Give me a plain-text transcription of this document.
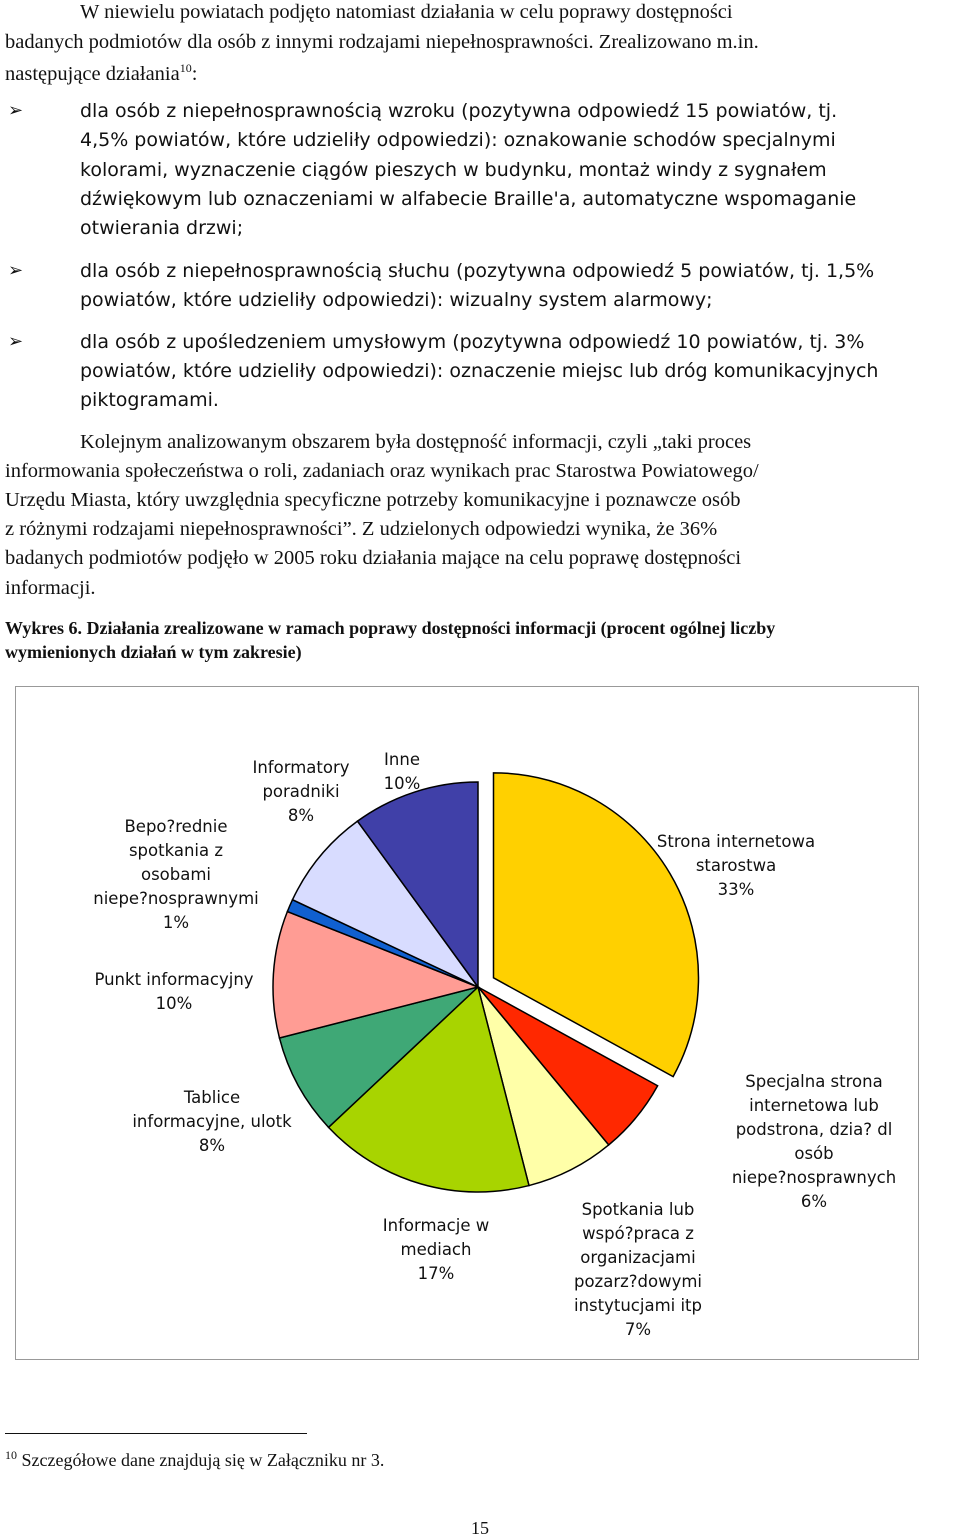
W niewielu powiatach podjęto natomiast działania w celu poprawy dostępności
badanych podmiotów dla osób z innymi rodzajami niepełnosprawności. Zrealizowano m.in.
następujące działania$^{10}$:
➢	dla osób z niepełnosprawnością wzroku (pozytywna odpowiedź 15 powiatów, tj.
4,5% powiatów, które udzieliły odpowiedzi): oznakowanie schodów specjalnymi
kolorami, wyznaczenie ciągów pieszych w budynku, montaż windy z sygnałem
dźwiękowym lub oznaczeniami w alfabecie Braille'a, automatyczne wspomaganie
otwierania drzwi;
➢	dla osób z niepełnosprawnością słuchu (pozytywna odpowiedź 5 powiatów, tj. 1,5%
powiatów, które udzieliły odpowiedzi): wizualny system alarmowy;
➢	dla osób z upośledzeniem umysłowym (pozytywna odpowiedź 10 powiatów, tj. 3%
powiatów, które udzieliły odpowiedzi): oznaczenie miejsc lub dróg komunikacyjnych
piktogramami.
Kolejnym analizowanym obszarem była dostępność informacji, czyli „taki proces
informowania społeczeństwa o roli, zadaniach oraz wynikach prac Starostwa Powiatowego/
Urzędu Miasta, który uwzględnia specyficzne potrzeby komunikacyjne i poznawcze osób
z różnymi rodzajami niepełnosprawności”. Z udzielonych odpowiedzi wynika, że 36%
badanych podmiotów podjęło w 2005 roku działania mające na celu poprawę dostępności
informacji.
Wykres 6. Działania zrealizowane w ramach poprawy dostępności informacji (procent ogólnej liczby
wymienionych działań w tym zakresie)
Strona internetowa starostwa 33%
Specjalna strona internetowa lub podstrona, dzia? dl osób niepe?nosprawnych 6%
Spotkania lub wspó?praca z organizacjami pozarz?dowymi instytucjami itp 7%
Informacje w mediach 17%
Tablice informacyjne, ulotk 8%
Punkt informacyjny 10%
Bepo?rednie spotkania z osobami niepe?nosprawnymi 1%
Informatory poradniki 8%
Inne 10%
$^{10}$ Szczegółowe dane znajdują się w Załączniku nr 3.
15
